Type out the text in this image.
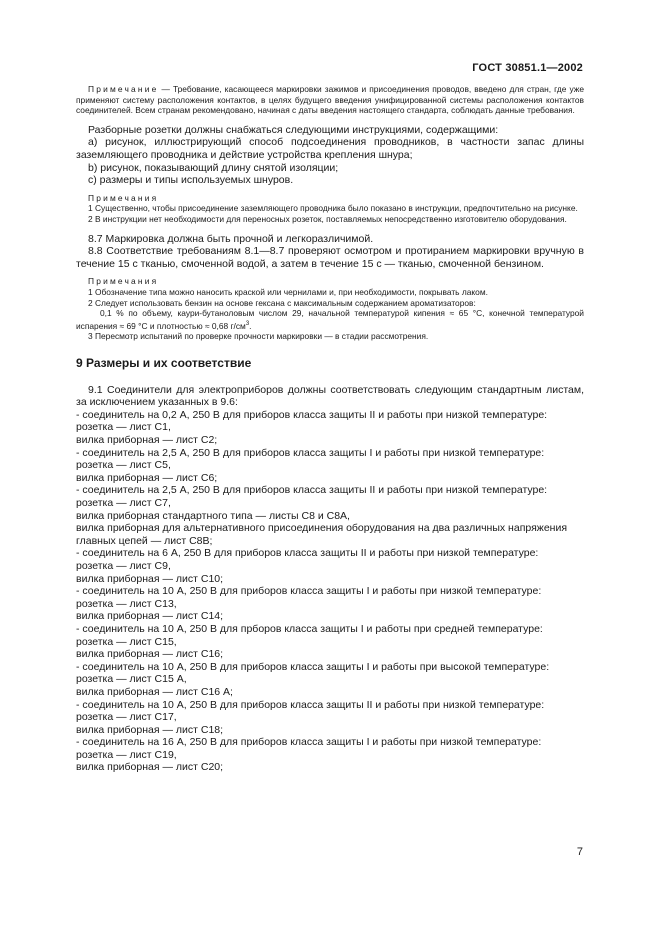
ГОСТ 30851.1—2002

Примечание — Требование, касающееся маркировки зажимов и присоединения проводов, введено для стран, где уже применяют систему расположения контактов, в целях будущего введения унифицированной системы расположения контактов соединителей. Всем странам рекомендовано, начиная с даты введения настоящего стандарта, соблюдать данные требования.

Разборные розетки должны снабжаться следующими инструкциями, содержащими:

а) рисунок, иллюстрирующий способ подсоединения проводников, в частности запас длины заземляющего проводника и действие устройства крепления шнура;

b) рисунок, показывающий длину снятой изоляции;

с) размеры и типы используемых шнуров.

Примечания

1 Существенно, чтобы присоединение заземляющего проводника было показано в инструкции, предпочтительно на рисунке.

2 В инструкции нет необходимости для переносных розеток, поставляемых непосредственно изготовителю оборудования.

8.7 Маркировка должна быть прочной и легкоразличимой.

8.8 Соответствие требованиям 8.1—8.7 проверяют осмотром и протиранием маркировки вручную в течение 15 с тканью, смоченной водой, а затем в течение 15 с — тканью, смоченной бензином.

Примечания

1 Обозначение типа можно наносить краской или чернилами и, при необходимости, покрывать лаком.

2 Следует использовать бензин на основе гексана с максимальным содержанием ароматизаторов:

0,1 % по объему, каури-бутаноловым числом 29, начальной температурой кипения ≈ 65 °С, конечной температурой испарения ≈ 69 °С и плотностью ≈ 0,68 $г/см^3$.

3 Пересмотр испытаний по проверке прочности маркировки — в стадии рассмотрения.

9 Размеры и их соответствие

9.1 Соединители для электроприборов должны соответствовать следующим стандартным листам, за исключением указанных в 9.6:

- соединитель на 0,2 А, 250 В для приборов класса защиты II и работы при низкой температуре:

розетка — лист С1,

вилка приборная — лист С2;

- соединитель на 2,5 А, 250 В для приборов класса защиты I и работы при низкой температуре:

розетка — лист С5,

вилка приборная — лист С6;

- соединитель на 2,5 А, 250 В для приборов класса защиты II и работы при низкой температуре:

розетка — лист С7,

вилка приборная стандартного типа — листы С8 и С8А,

вилка приборная для альтернативного присоединения оборудования на два различных напряжения главных цепей — лист С8В;

- соединитель на 6 А, 250 В для приборов класса защиты II и работы при низкой температуре:

розетка — лист С9,

вилка приборная — лист С10;

- соединитель на 10 А, 250 В для приборов класса защиты I и работы при низкой температуре:

розетка — лист С13,

вилка приборная — лист С14;

- соединитель на 10 А, 250 В для прборов класса защиты I и работы при средней температуре:

розетка — лист С15,

вилка приборная — лист С16;

- соединитель на 10 А, 250 В для приборов класса защиты I и работы при высокой температуре:

розетка — лист С15 А,

вилка приборная — лист С16 А;

- соединитель на 10 А, 250 В для приборов класса защиты II и работы при низкой температуре:

розетка — лист С17,

вилка приборная — лист С18;

- соединитель на 16 А, 250 В для приборов класса защиты I и работы при низкой температуре:

розетка — лист С19,

вилка приборная — лист С20;

7
